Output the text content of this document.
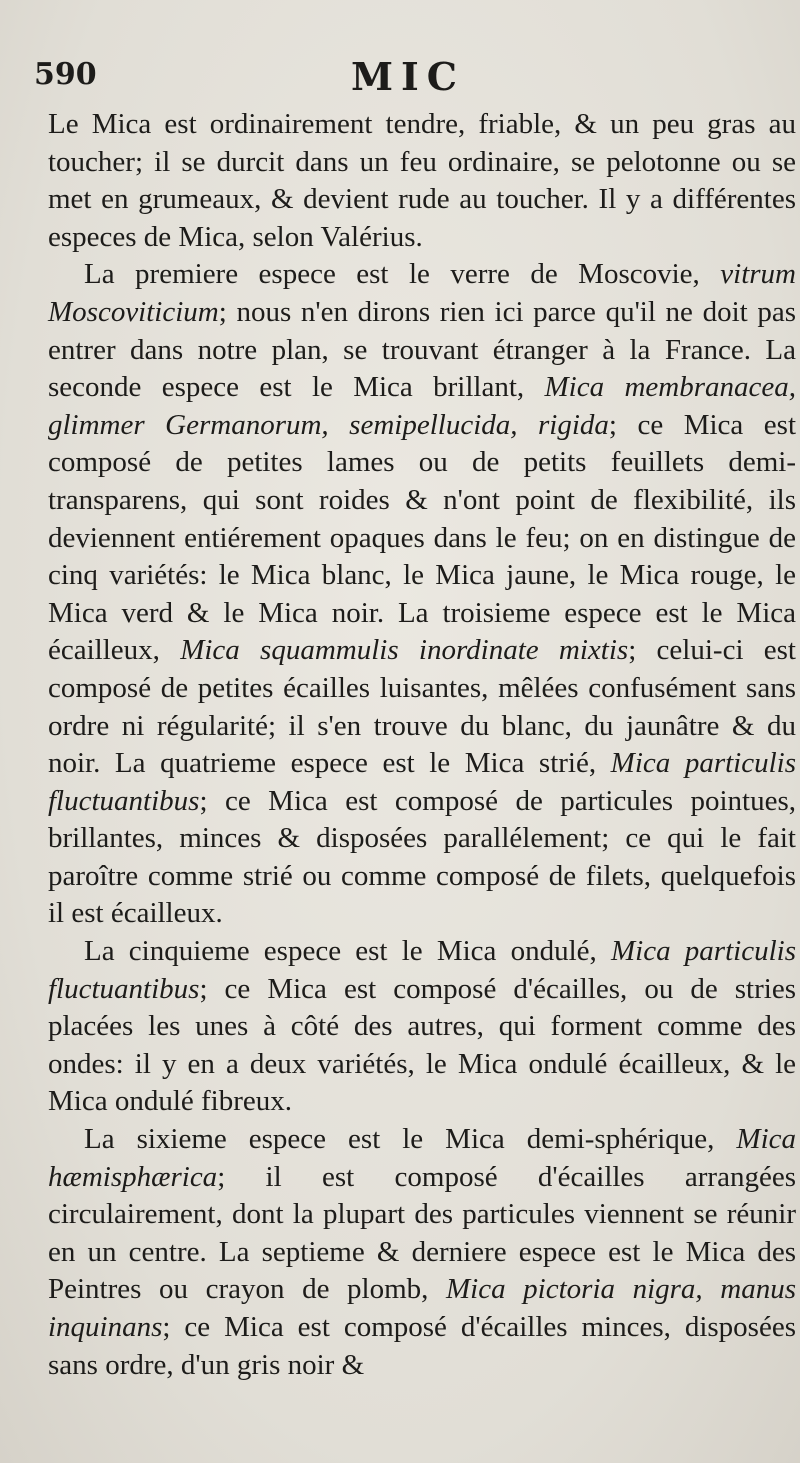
590	MIC

Le Mica est ordinairement tendre, friable, & un peu gras au toucher; il se durcit dans un feu ordinaire, se pelotonne ou se met en grumeaux, & devient rude au toucher. Il y a différentes especes de Mica, selon Valérius.

La premiere espece est le verre de Moscovie, vitrum Moscoviticium; nous n'en dirons rien ici parce qu'il ne doit pas entrer dans notre plan, se trouvant étranger à la France. La seconde espece est le Mica brillant, Mica membranacea, glimmer Germanorum, semipellucida, rigida; ce Mica est composé de petites lames ou de petits feuillets demi-transparens, qui sont roides & n'ont point de flexibilité, ils deviennent entiérement opaques dans le feu; on en distingue de cinq variétés: le Mica blanc, le Mica jaune, le Mica rouge, le Mica verd & le Mica noir. La troisieme espece est le Mica écailleux, Mica squammulis inordinate mixtis; celui-ci est composé de petites écailles luisantes, mêlées confusément sans ordre ni régularité; il s'en trouve du blanc, du jaunâtre & du noir. La quatrieme espece est le Mica strié, Mica particulis fluctuantibus; ce Mica est composé de particules pointues, brillantes, minces & disposées parallélement; ce qui le fait paroître comme strié ou comme composé de filets, quelquefois il est écailleux.

La cinquieme espece est le Mica ondulé, Mica particulis fluctuantibus; ce Mica est composé d'écailles, ou de stries placées les unes à côté des autres, qui forment comme des ondes: il y en a deux variétés, le Mica ondulé écailleux, & le Mica ondulé fibreux.

La sixieme espece est le Mica demi-sphérique, Mica hæmisphærica; il est composé d'écailles arrangées circulairement, dont la plupart des particules viennent se réunir en un centre. La septieme & derniere espece est le Mica des Peintres ou crayon de plomb, Mica pictoria nigra, manus inquinans; ce Mica est composé d'écailles minces, disposées sans ordre, d'un gris noir &
